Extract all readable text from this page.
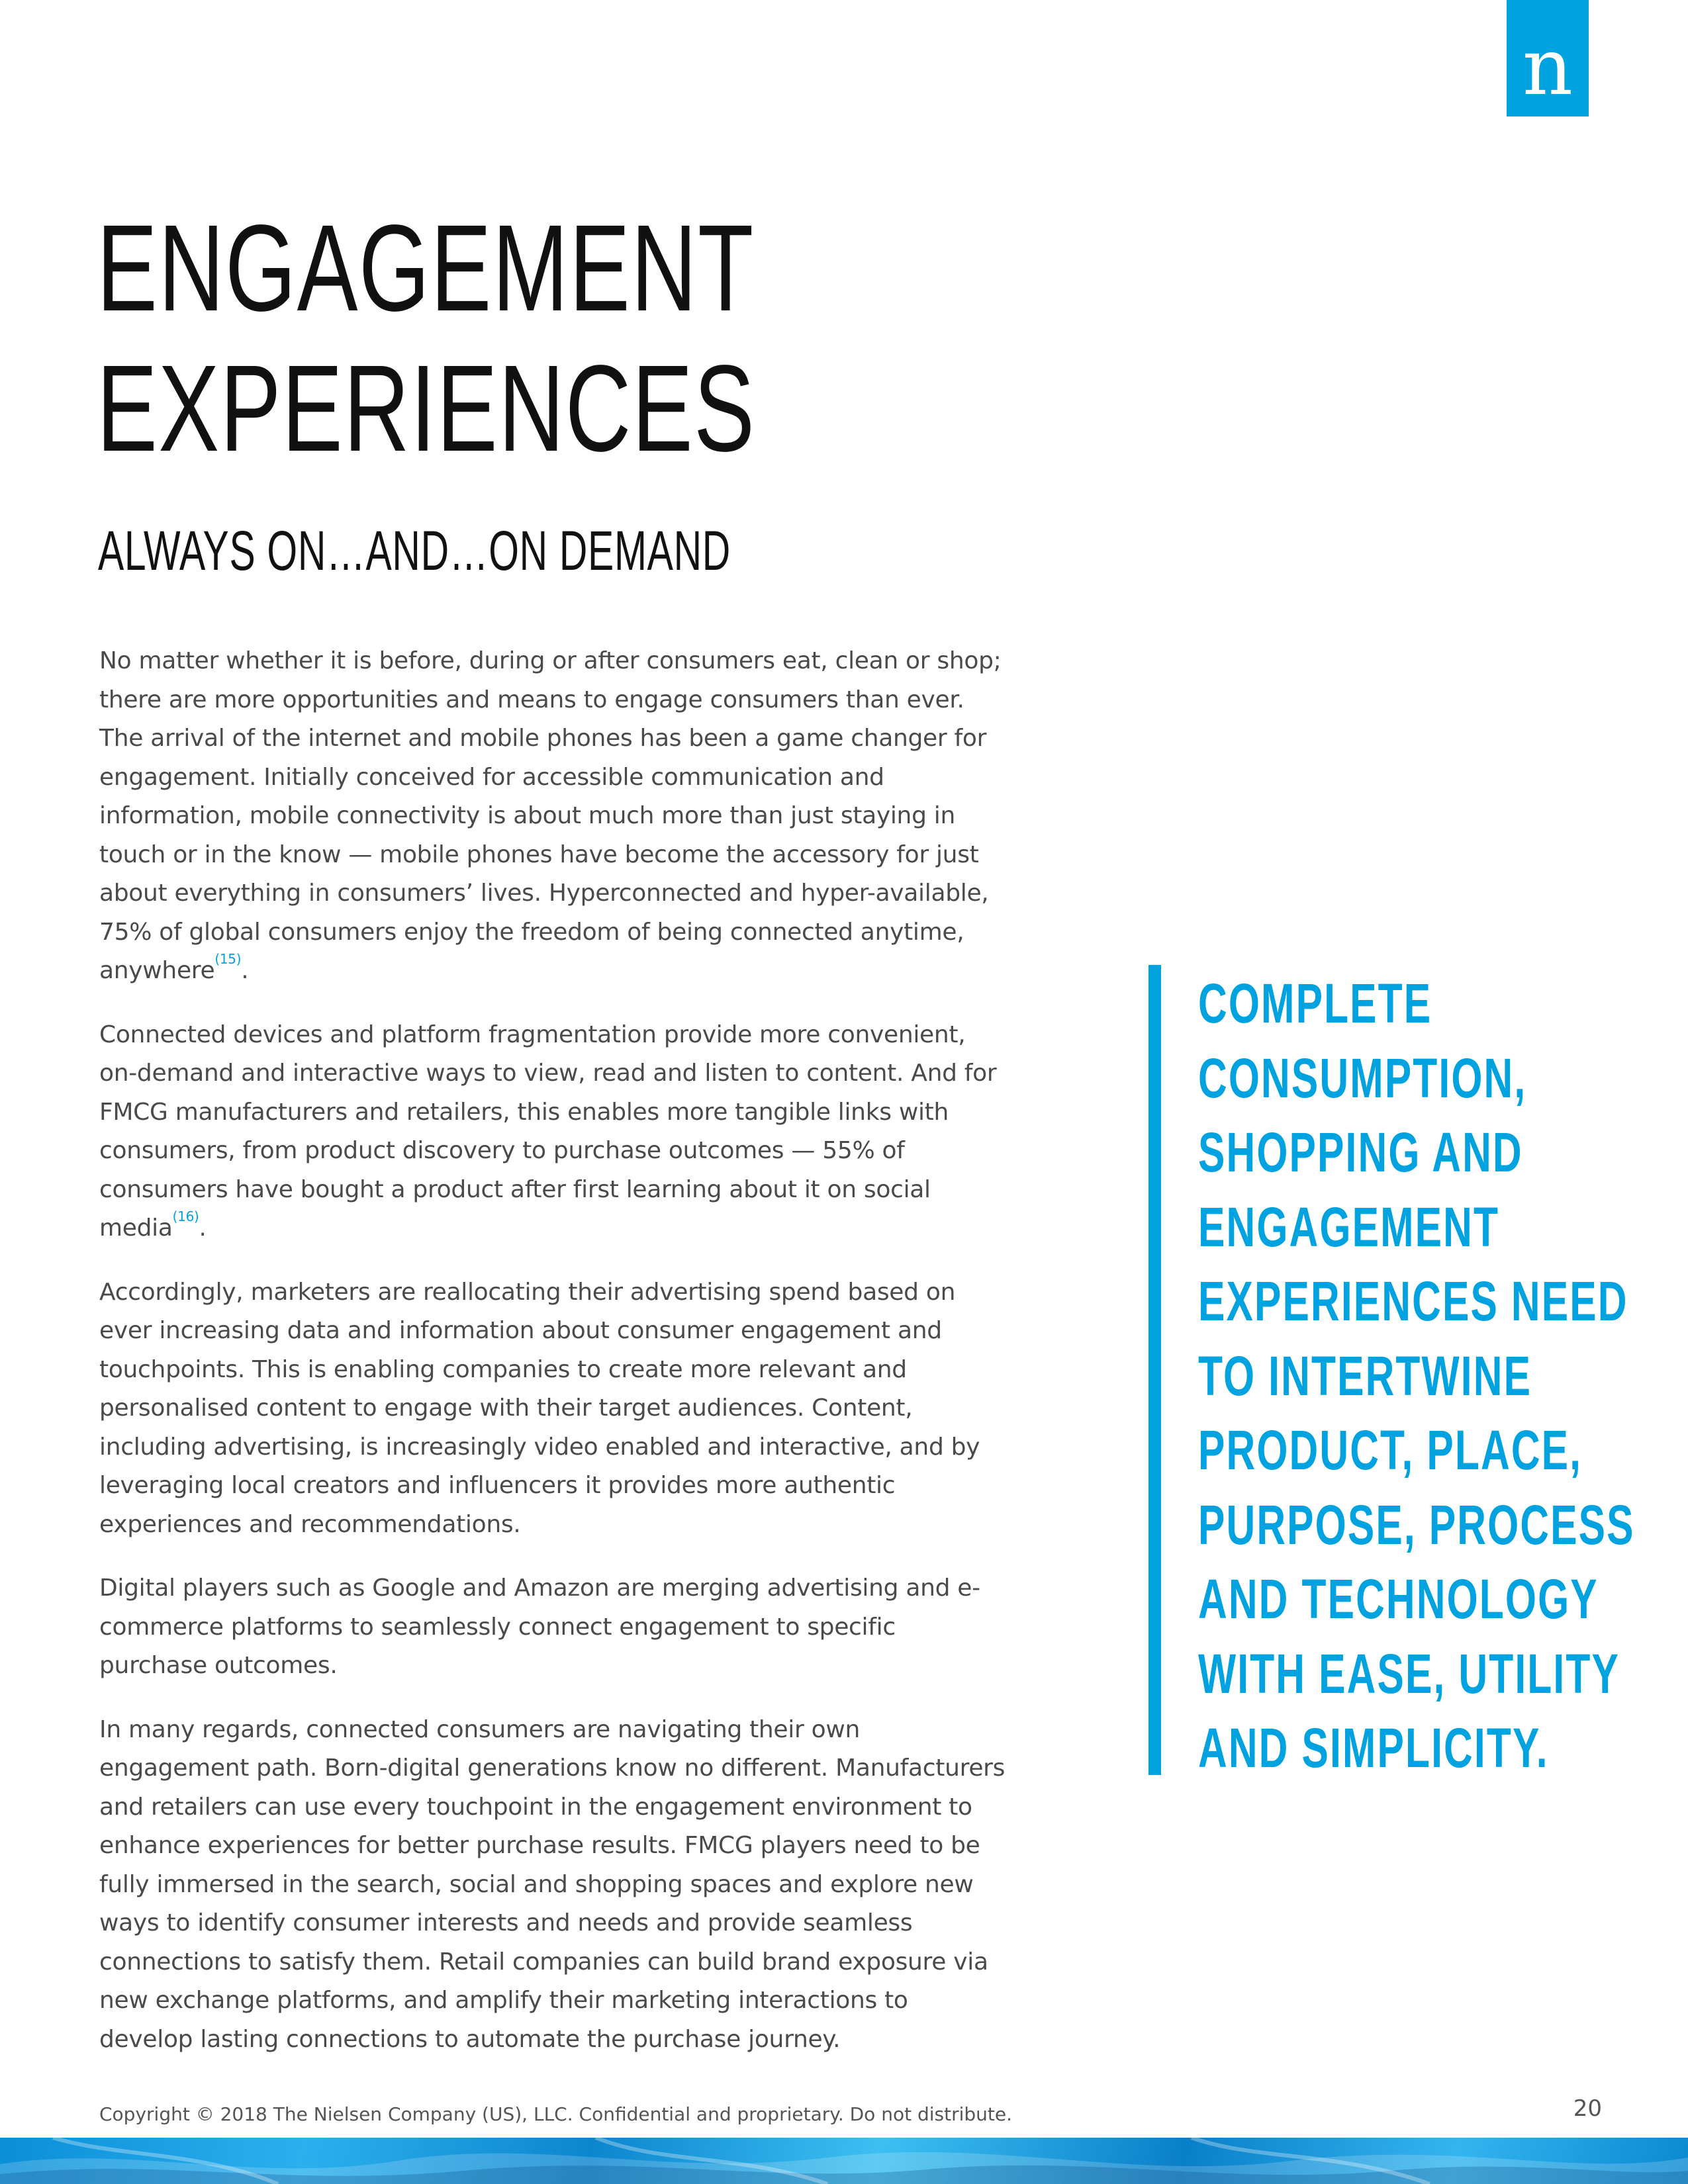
n
ENGAGEMENT
EXPERIENCES
ALWAYS ON…AND…ON DEMAND

No matter whether it is before, during or after consumers eat, clean or shop; there are more opportunities and means to engage consumers than ever. The arrival of the internet and mobile phones has been a game changer for engagement. Initially conceived for accessible communication and information, mobile connectivity is about much more than just staying in touch or in the know — mobile phones have become the accessory for just about everything in consumers’ lives. Hyperconnected and hyper-available, 75% of global consumers enjoy the freedom of being connected anytime, anywhere$^{(15)}$.

Connected devices and platform fragmentation provide more convenient, on-demand and interactive ways to view, read and listen to content. And for FMCG manufacturers and retailers, this enables more tangible links with consumers, from product discovery to purchase outcomes — 55% of consumers have bought a product after first learning about it on social media$^{(16)}$.

Accordingly, marketers are reallocating their advertising spend based on ever increasing data and information about consumer engagement and touchpoints. This is enabling companies to create more relevant and personalised content to engage with their target audiences. Content, including advertising, is increasingly video enabled and interactive, and by leveraging local creators and influencers it provides more authentic experiences and recommendations.

Digital players such as Google and Amazon are merging advertising and e-commerce platforms to seamlessly connect engagement to specific purchase outcomes.

In many regards, connected consumers are navigating their own engagement path. Born-digital generations know no different. Manufacturers and retailers can use every touchpoint in the engagement environment to enhance experiences for better purchase results. FMCG players need to be fully immersed in the search, social and shopping spaces and explore new ways to identify consumer interests and needs and provide seamless connections to satisfy them. Retail companies can build brand exposure via new exchange platforms, and amplify their marketing interactions to develop lasting connections to automate the purchase journey.

COMPLETE
CONSUMPTION,
SHOPPING AND
ENGAGEMENT
EXPERIENCES NEED
TO INTERTWINE
PRODUCT, PLACE,
PURPOSE, PROCESS
AND TECHNOLOGY
WITH EASE, UTILITY
AND SIMPLICITY.

Copyright © 2018 The Nielsen Company (US), LLC. Confidential and proprietary. Do not distribute.	20
